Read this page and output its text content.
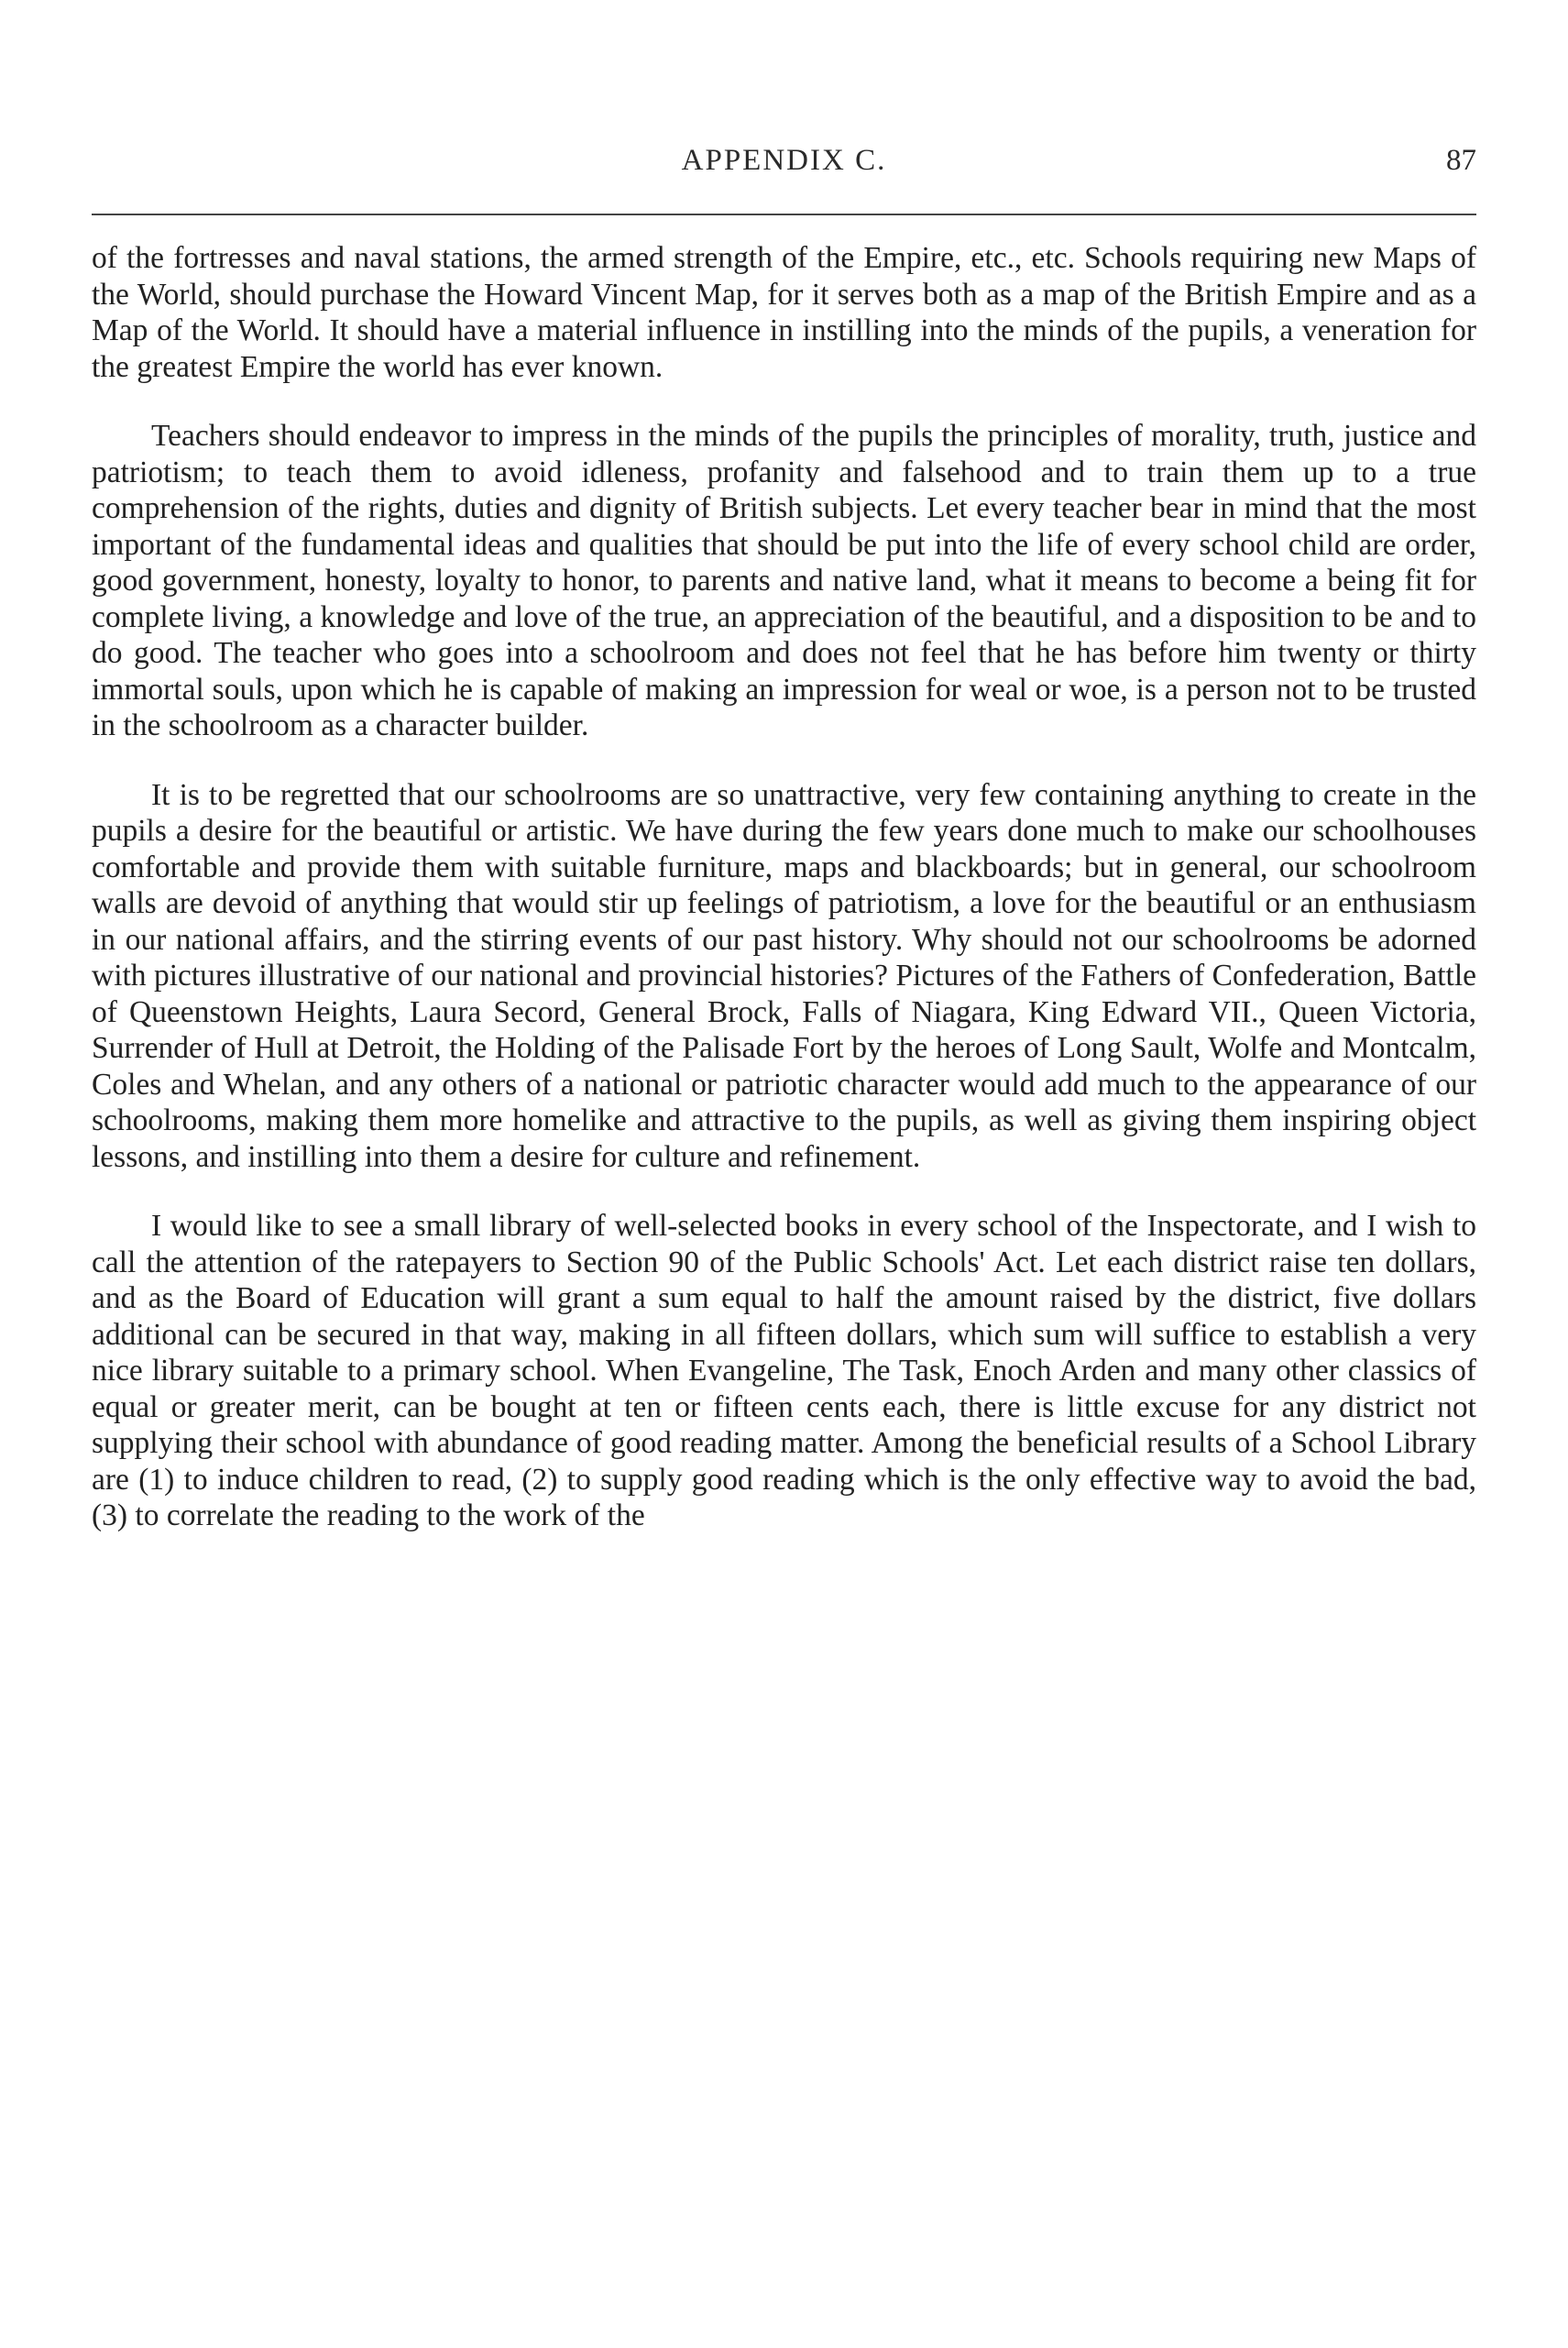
APPENDIX C.	87

of the fortresses and naval stations, the armed strength of the Empire, etc., etc. Schools requiring new Maps of the World, should purchase the Howard Vincent Map, for it serves both as a map of the British Empire and as a Map of the World. It should have a material influence in instilling into the minds of the pupils, a veneration for the greatest Empire the world has ever known.

Teachers should endeavor to impress in the minds of the pupils the principles of morality, truth, justice and patriotism; to teach them to avoid idleness, profanity and falsehood and to train them up to a true comprehension of the rights, duties and dignity of British subjects. Let every teacher bear in mind that the most important of the fundamental ideas and qualities that should be put into the life of every school child are order, good government, honesty, loyalty to honor, to parents and native land, what it means to become a being fit for complete living, a knowledge and love of the true, an appreciation of the beautiful, and a disposition to be and to do good. The teacher who goes into a schoolroom and does not feel that he has before him twenty or thirty immortal souls, upon which he is capable of making an impression for weal or woe, is a person not to be trusted in the schoolroom as a character builder.

It is to be regretted that our schoolrooms are so unattractive, very few containing anything to create in the pupils a desire for the beautiful or artistic. We have during the few years done much to make our schoolhouses comfortable and provide them with suitable furniture, maps and blackboards; but in general, our schoolroom walls are devoid of anything that would stir up feelings of patriotism, a love for the beautiful or an enthusiasm in our national affairs, and the stirring events of our past history. Why should not our schoolrooms be adorned with pictures illustrative of our national and provincial histories? Pictures of the Fathers of Confederation, Battle of Queenstown Heights, Laura Secord, General Brock, Falls of Niagara, King Edward VII., Queen Victoria, Surrender of Hull at Detroit, the Holding of the Palisade Fort by the heroes of Long Sault, Wolfe and Montcalm, Coles and Whelan, and any others of a national or patriotic character would add much to the appearance of our schoolrooms, making them more homelike and attractive to the pupils, as well as giving them inspiring object lessons, and instilling into them a desire for culture and refinement.

I would like to see a small library of well-selected books in every school of the Inspectorate, and I wish to call the attention of the ratepayers to Section 90 of the Public Schools' Act. Let each district raise ten dollars, and as the Board of Education will grant a sum equal to half the amount raised by the district, five dollars additional can be secured in that way, making in all fifteen dollars, which sum will suffice to establish a very nice library suitable to a primary school. When Evangeline, The Task, Enoch Arden and many other classics of equal or greater merit, can be bought at ten or fifteen cents each, there is little excuse for any district not supplying their school with abundance of good reading matter. Among the beneficial results of a School Library are (1) to induce children to read, (2) to supply good reading which is the only effective way to avoid the bad, (3) to correlate the reading to the work of the
